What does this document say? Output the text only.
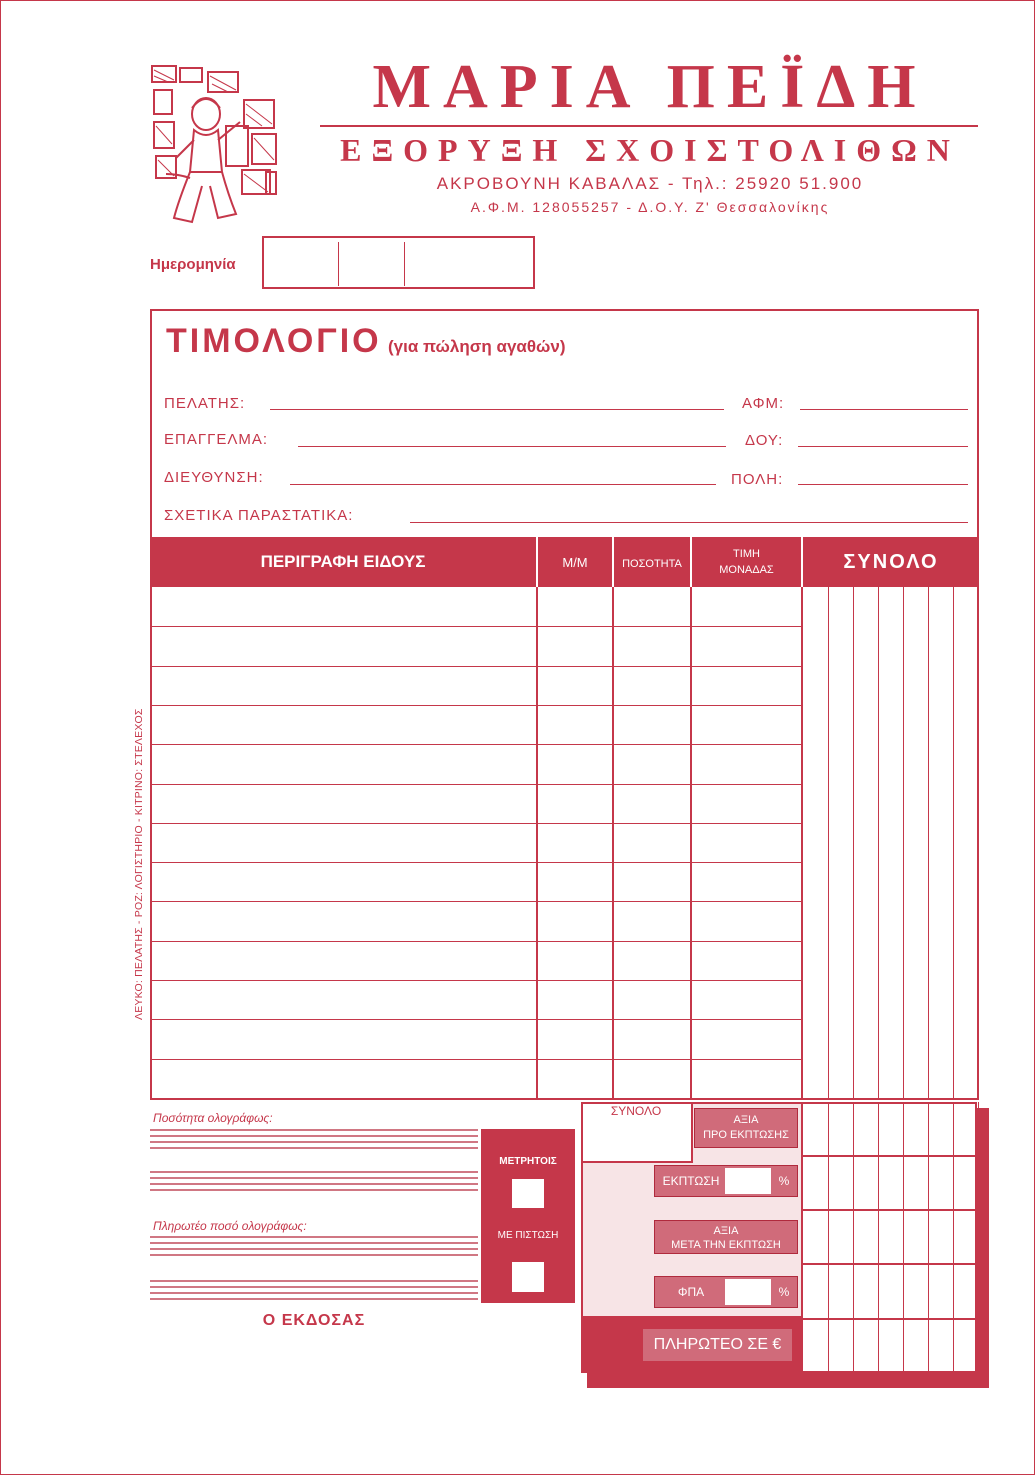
ΜΑΡΙΑ ΠΕΪΔΗ
ΕΞΟΡΥΞΗ ΣΧΟΙΣΤΟΛΙΘΩΝ
ΑΚΡΟΒΟΥΝΗ ΚΑΒΑΛΑΣ - Τηλ.: 25920 51.900
Α.Φ.Μ. 128055257 - Δ.Ο.Υ. Ζ' Θεσσαλονίκης
Ημερομηνία
ΤΙΜΟΛΟΓΙΟ (για πώληση αγαθών)
ΠΕΛΑΤΗΣ:	ΑΦΜ:
ΕΠΑΓΓΕΛΜΑ:	ΔΟΥ:
ΔΙΕΥΘΥΝΣΗ:	ΠΟΛΗ:
ΣΧΕΤΙΚΑ ΠΑΡΑΣΤΑΤΙΚΑ:
ΠΕΡΙΓΡΑΦΗ ΕΙΔΟΥΣ	Μ/Μ	ΠΟΣΟΤΗΤΑ
ΤΙΜΗ
ΜΟΝΑΔΑΣ	ΣΥΝΟΛΟ
ΛΕΥΚΟ: ΠΕΛΑΤΗΣ - ΡΟΖ: ΛΟΓΙΣΤΗΡΙΟ - ΚΙΤΡΙΝΟ: ΣΤΕΛΕΧΟΣ
Ποσότητα ολογράφως:
Πληρωτέο ποσό ολογράφως:
Ο ΕΚΔΟΣΑΣ
ΜΕΤΡΗΤΟΙΣ
ΜΕ ΠΙΣΤΩΣΗ
ΣΥΝΟΛΟ
ΑΞΙΑ
ΠΡΟ ΕΚΠΤΩΣΗΣ
ΕΚΠΤΩΣΗ	%
ΑΞΙΑ
ΜΕΤΑ ΤΗΝ ΕΚΠΤΩΣΗ
ΦΠΑ	%
ΠΛΗΡΩΤΕΟ ΣΕ €
